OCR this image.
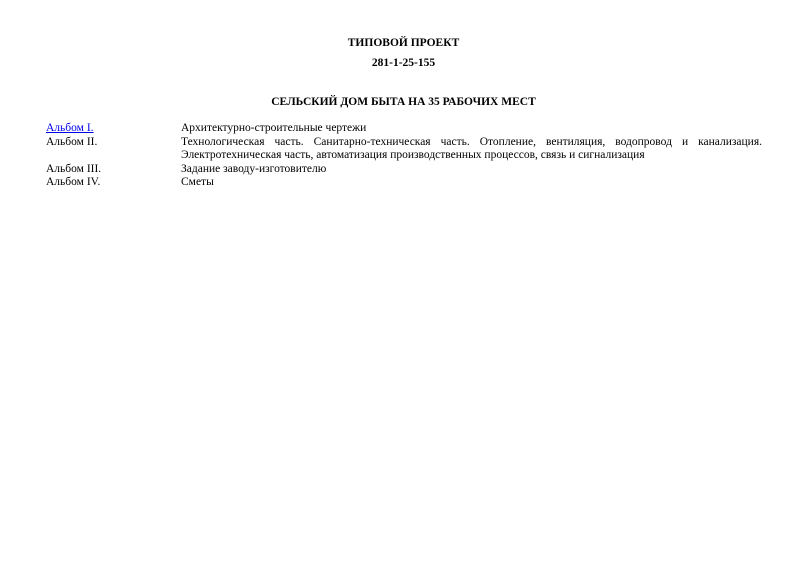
ТИПОВОЙ ПРОЕКТ
281-1-25-155
СЕЛЬСКИЙ ДОМ БЫТА НА 35 РАБОЧИХ МЕСТ
Альбом I.	Архитектурно-строительные чертежи
Альбом II.	Технологическая часть. Санитарно-техническая часть. Отопление, вентиляция, водопровод и канализация. Электротехническая часть, автоматизация производственных процессов, связь и сигнализация
Альбом III.	Задание заводу-изготовителю
Альбом IV.	Сметы
